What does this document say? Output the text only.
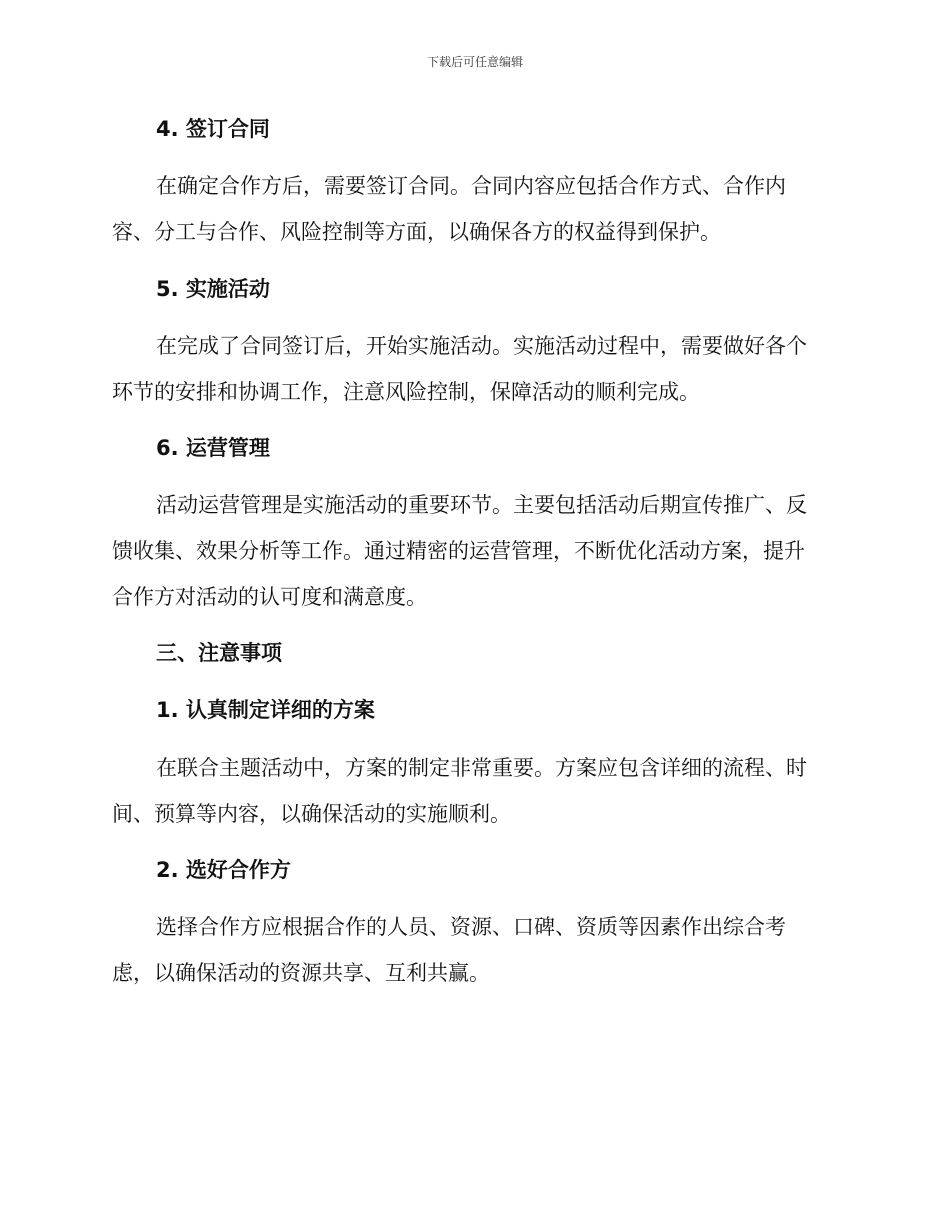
下载后可任意编辑
4. 签订合同
在确定合作方后，需要签订合同。合同内容应包括合作方式、合作内
容、分工与合作、风险控制等方面，以确保各方的权益得到保护。
5. 实施活动
在完成了合同签订后，开始实施活动。实施活动过程中，需要做好各个
环节的安排和协调工作，注意风险控制，保障活动的顺利完成。
6. 运营管理
活动运营管理是实施活动的重要环节。主要包括活动后期宣传推广、反
馈收集、效果分析等工作。通过精密的运营管理，不断优化活动方案，提升
合作方对活动的认可度和满意度。
三、注意事项
1. 认真制定详细的方案
在联合主题活动中，方案的制定非常重要。方案应包含详细的流程、时
间、预算等内容，以确保活动的实施顺利。
2. 选好合作方
选择合作方应根据合作的人员、资源、口碑、资质等因素作出综合考
虑，以确保活动的资源共享、互利共赢。
